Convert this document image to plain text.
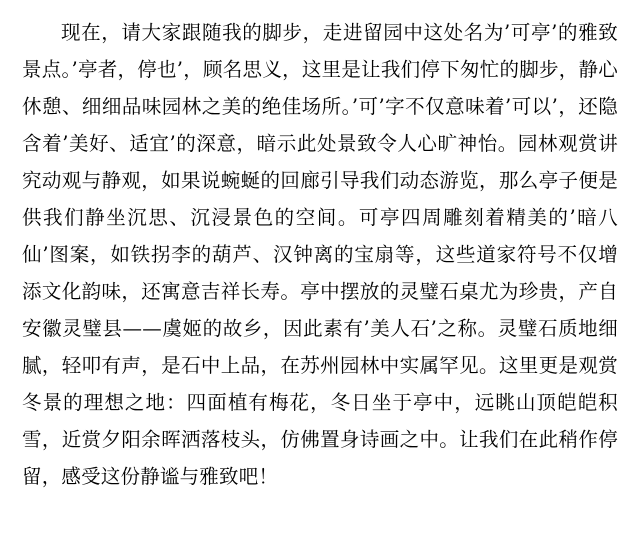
现在，请大家跟随我的脚步，走进留园中这处名为’可亭’的雅致景点。’亭者，停也’，顾名思义，这里是让我们停下匆忙的脚步，静心休憩、细细品味园林之美的绝佳场所。’可’字不仅意味着’可以’，还隐含着’美好、适宜’的深意，暗示此处景致令人心旷神怡。园林观赏讲究动观与静观，如果说蜿蜒的回廊引导我们动态游览，那么亭子便是供我们静坐沉思、沉浸景色的空间。可亭四周雕刻着精美的’暗八仙’图案，如铁拐李的葫芦、汉钟离的宝扇等，这些道家符号不仅增添文化韵味，还寓意吉祥长寿。亭中摆放的灵璧石桌尤为珍贵，产自安徽灵璧县——虞姬的故乡，因此素有’美人石’之称。灵璧石质地细腻，轻叩有声，是石中上品，在苏州园林中实属罕见。这里更是观赏冬景的理想之地：四面植有梅花，冬日坐于亭中，远眺山顶皑皑积雪，近赏夕阳余晖洒落枝头，仿佛置身诗画之中。让我们在此稍作停留，感受这份静谧与雅致吧！
